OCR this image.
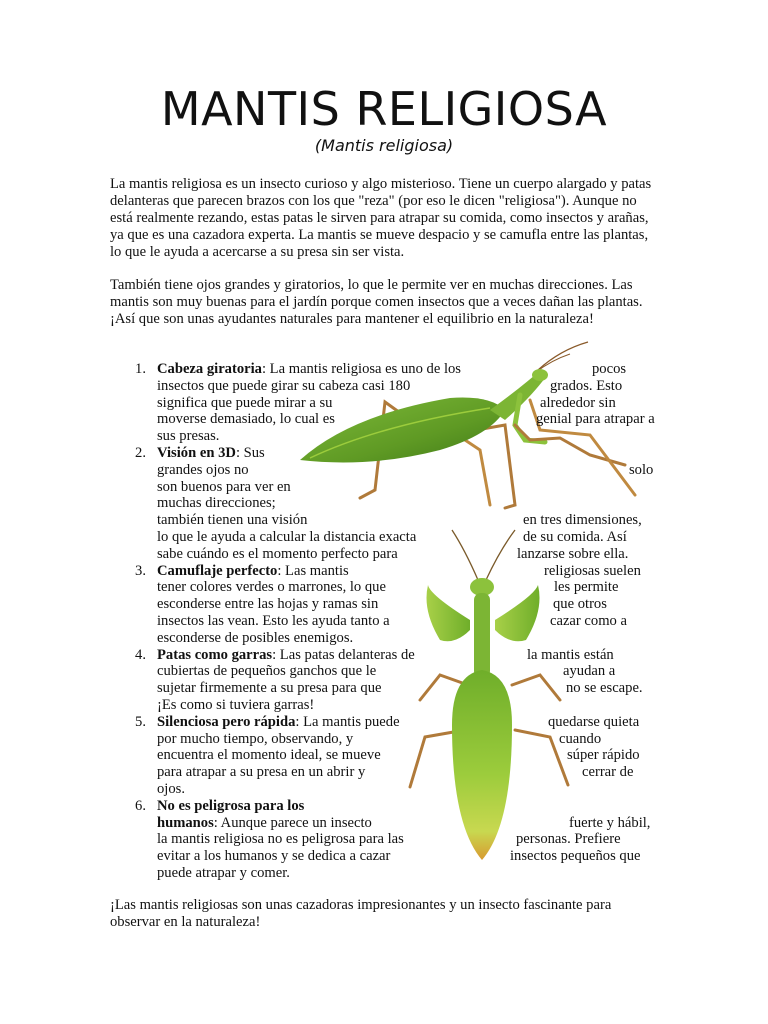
MANTIS RELIGIOSA
(Mantis religiosa)

La mantis religiosa es un insecto curioso y algo misterioso. Tiene un cuerpo alargado y patas delanteras que parecen brazos con los que "reza" (por eso le dicen "religiosa"). Aunque no está realmente rezando, estas patas le sirven para atrapar su comida, como insectos y arañas, ya que es una cazadora experta. La mantis se mueve despacio y se camufla entre las plantas, lo que le ayuda a acercarse a su presa sin ser vista.

También tiene ojos grandes y giratorios, lo que le permite ver en muchas direcciones. Las mantis son muy buenas para el jardín porque comen insectos que a veces dañan las plantas. ¡Así que son unas ayudantes naturales para mantener el equilibrio en la naturaleza!

1. Cabeza giratoria: La mantis religiosa es uno de los	pocos
insectos que puede girar su cabeza casi 180	grados. Esto
significa que puede mirar a su	alrededor sin
moverse demasiado, lo cual es	genial para atrapar a
sus presas.
2. Visión en 3D: Sus
grandes ojos no	solo
son buenos para ver en
muchas direcciones;
también tienen una visión	en tres dimensiones,
lo que le ayuda a calcular la distancia exacta	de su comida. Así
sabe cuándo es el momento perfecto para	lanzarse sobre ella.
3. Camuflaje perfecto: Las mantis	religiosas suelen
tener colores verdes o marrones, lo que	les permite
esconderse entre las hojas y ramas sin	que otros
insectos las vean. Esto les ayuda tanto a	cazar como a
esconderse de posibles enemigos.
4. Patas como garras: Las patas delanteras de	la mantis están
cubiertas de pequeños ganchos que le	ayudan a
sujetar firmemente a su presa para que	no se escape.
¡Es como si tuviera garras!
5. Silenciosa pero rápida: La mantis puede	quedarse quieta
por mucho tiempo, observando, y	cuando
encuentra el momento ideal, se mueve	súper rápido
para atrapar a su presa en un abrir y	cerrar de
ojos.
6. No es peligrosa para los
humanos: Aunque parece un insecto	fuerte y hábil,
la mantis religiosa no es peligrosa para las	personas. Prefiere
evitar a los humanos y se dedica a cazar	insectos pequeños que
puede atrapar y comer.

¡Las mantis religiosas son unas cazadoras impresionantes y un insecto fascinante para observar en la naturaleza!
